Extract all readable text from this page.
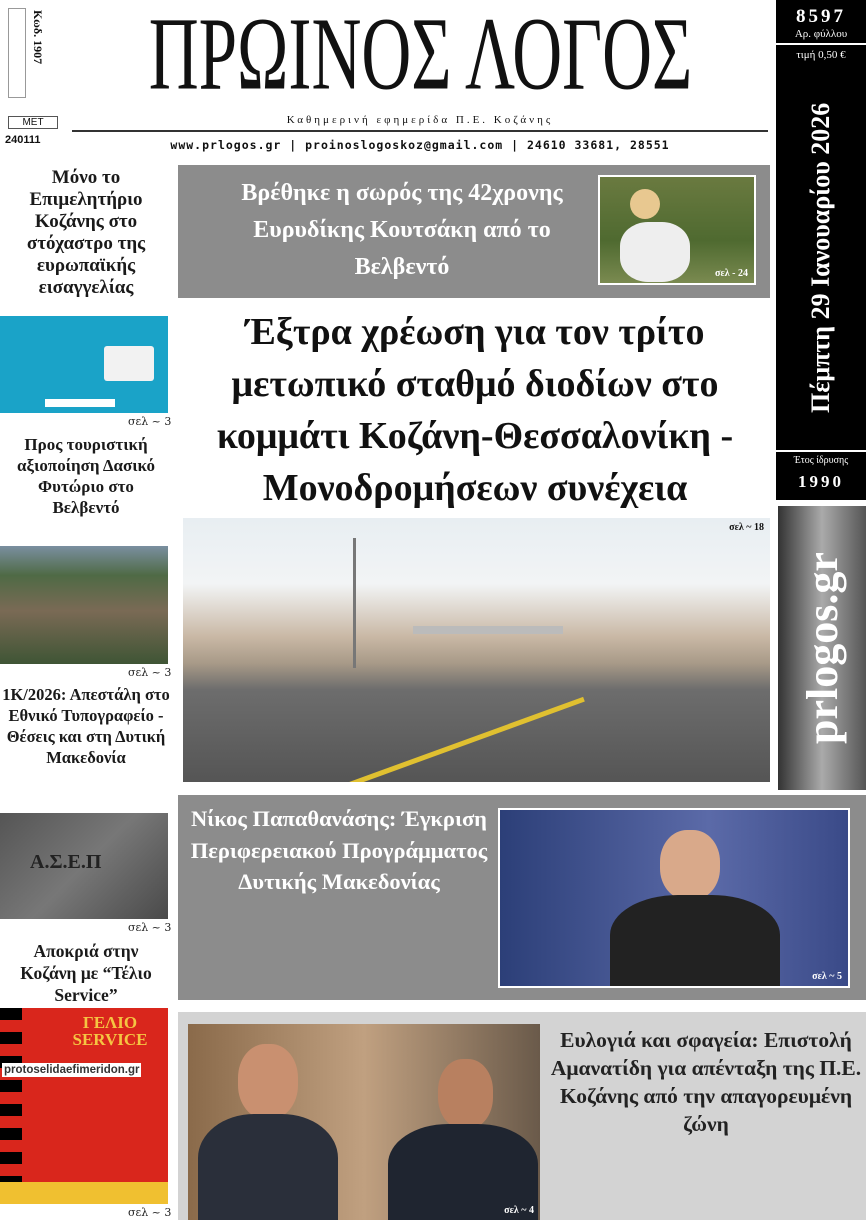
Κωδ. 1907
ΜΕΤ
240111
ΠΡΩΙΝΟΣ ΛΟΓΟΣ
Καθημερινή εφημερίδα Π.Ε. Κοζάνης
www.prlogos.gr | proinoslogoskoz@gmail.com | 24610 33681, 28551
8597
Αρ. φύλλου
τιμή 0,50 €
Πέμπτη 29 Ιανουαρίου 2026
Έτος ίδρυσης
1990
prlogos.gr
Μόνο το Επιμελητήριο Κοζάνης στο στόχαστρο της ευρωπαϊκής εισαγγελίας
σελ ~ 3
Προς τουριστική αξιοποίηση Δασικό Φυτώριο στο Βελβεντό
σελ ~ 3
1Κ/2026: Απεστάλη στο Εθνικό Τυπογραφείο - Θέσεις και στη Δυτική Μακεδονία
Α.Σ.Ε.Π
σελ ~ 3
Αποκριά στην Κοζάνη με “Τέλιο Service”
ΓΕΛΙΟ SERVICE
protoselidaefimeridon.gr
σελ ~ 3
Βρέθηκε η σωρός της 42χρονης Ευρυδίκης Κουτσάκη από το Βελβεντό	σελ - 24
Έξτρα χρέωση για τον τρίτο μετωπικό σταθμό διοδίων στο κομμάτι Κοζάνη-Θεσσαλονίκη - Μονοδρομήσεων συνέχεια
σελ ~ 18
Νίκος Παπαθανάσης: Έγκριση Περιφερειακού Προγράμματος Δυτικής Μακεδονίας
σελ ~ 5
σελ ~ 4
Ευλογιά και σφαγεία: Επιστολή Αμανατίδη για απένταξη της Π.Ε. Κοζάνης από την απαγορευμένη ζώνη
